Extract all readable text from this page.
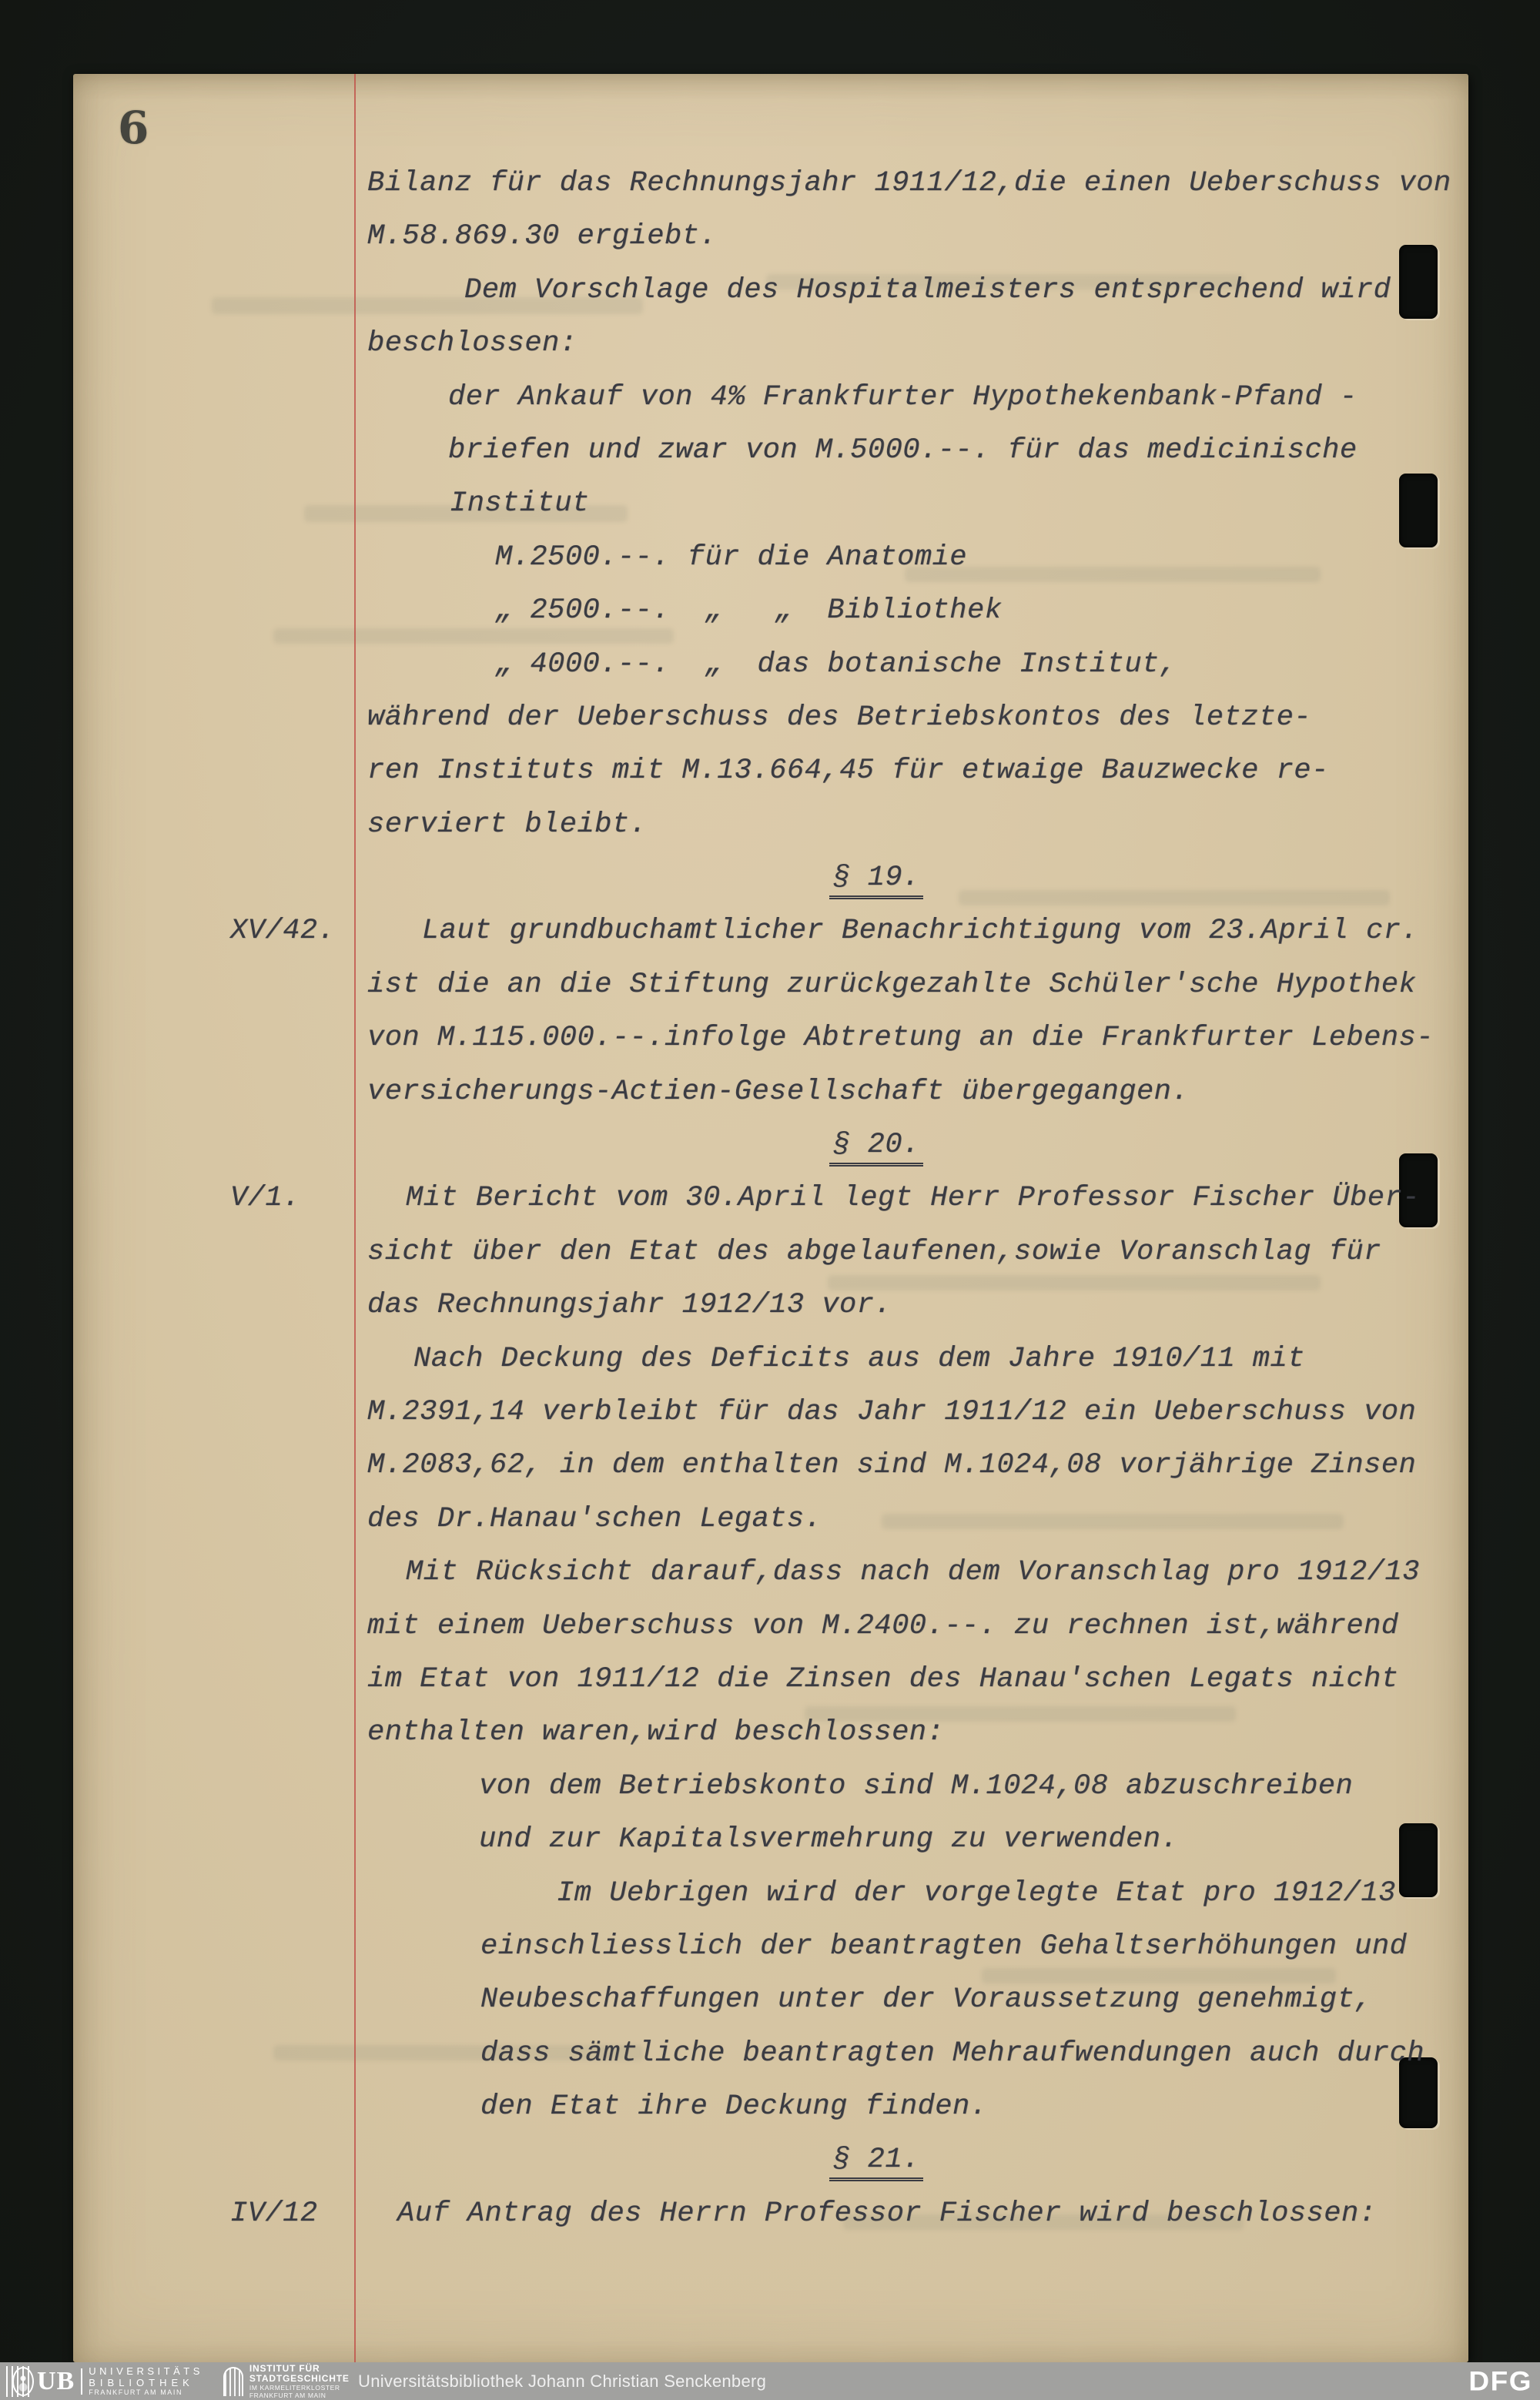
6
Bilanz für das Rechnungsjahr 1911/12,die einen Ueberschuss von
M.58.869.30 ergiebt.
Dem Vorschlage des Hospitalmeisters entsprechend wird
beschlossen:
der Ankauf von 4% Frankfurter Hypothekenbank-Pfand -
briefen und zwar von M.5000.--. für das medicinische
Institut
M.2500.--. für die Anatomie
„ 2500.--.  „   „  Bibliothek
„ 4000.--.  „  das botanische Institut,
während der Ueberschuss des Betriebskontos des letzte-
ren Instituts mit M.13.664,45 für etwaige Bauzwecke re-
serviert bleibt.
§ 19.
XV/42.	Laut grundbuchamtlicher Benachrichtigung vom 23.April cr.
ist die an die Stiftung zurückgezahlte Schüler'sche Hypothek
von M.115.000.--.infolge Abtretung an die Frankfurter Lebens-
versicherungs-Actien-Gesellschaft übergegangen.
§ 20.
V/1.	Mit Bericht vom 30.April legt Herr Professor Fischer Über-
sicht über den Etat des abgelaufenen,sowie Voranschlag für
das Rechnungsjahr 1912/13 vor.
Nach Deckung des Deficits aus dem Jahre 1910/11 mit
M.2391,14 verbleibt für das Jahr 1911/12 ein Ueberschuss von
M.2083,62, in dem enthalten sind M.1024,08 vorjährige Zinsen
des Dr.Hanau'schen Legats.
Mit Rücksicht darauf,dass nach dem Voranschlag pro 1912/13
mit einem Ueberschuss von M.2400.--. zu rechnen ist,während
im Etat von 1911/12 die Zinsen des Hanau'schen Legats nicht
enthalten waren,wird beschlossen:
von dem Betriebskonto sind M.1024,08 abzuschreiben
und zur Kapitalsvermehrung zu verwenden.
Im Uebrigen wird der vorgelegte Etat pro 1912/13
einschliesslich der beantragten Gehaltserhöhungen und
Neubeschaffungen unter der Voraussetzung genehmigt,
dass sämtliche beantragten Mehraufwendungen auch durch
den Etat ihre Deckung finden.
§ 21.
IV/12	Auf Antrag des Herrn Professor Fischer wird beschlossen:
UB	UNIVERSITÄTS
BIBLIOTHEK
FRANKFURT AM MAIN
INSTITUT FÜR
STADTGESCHICHTE
IM KARMELITERKLOSTER
FRANKFURT AM MAIN
Universitätsbibliothek Johann Christian Senckenberg	DFG
